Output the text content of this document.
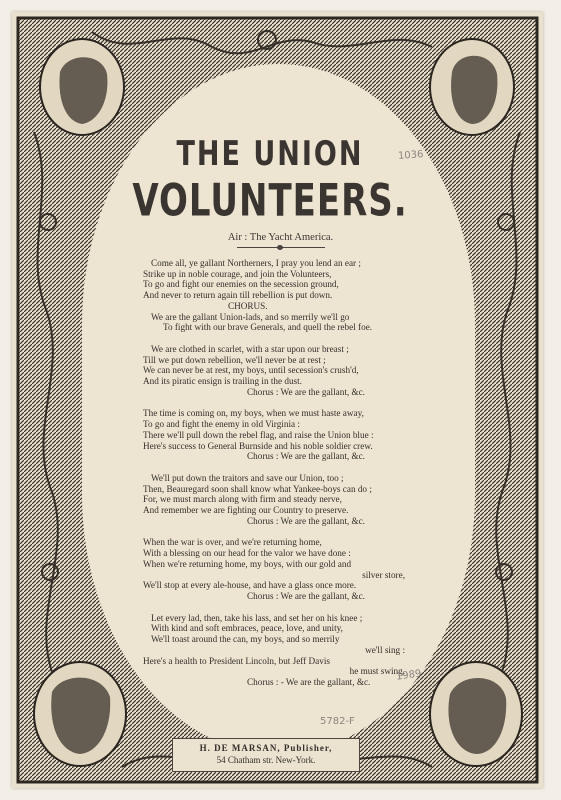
THE UNION
VOLUNTEERS.
Air : The Yacht America.
Come all, ye gallant Northerners, I pray you lend an ear ;
Strike up in noble courage, and join the Volunteers,
To go and fight our enemies on the secession ground,
And never to return again till rebellion is put down.
CHORUS.
We are the gallant Union-lads, and so merrily we'll go
To fight with our brave Generals, and quell the rebel foe.
We are clothed in scarlet, with a star upon our breast ;
Till we put down rebellion, we'll never be at rest ;
We can never be at rest, my boys, until secession's crush'd,
And its piratic ensign is trailing in the dust.
Chorus : We are the gallant, &c.
The time is coming on, my boys, when we must haste away,
To go and fight the enemy in old Virginia :
There we'll pull down the rebel flag, and raise the Union blue :
Here's success to General Burnside and his noble soldier crew.
Chorus : We are the gallant, &c.
We'll put down the traitors and save our Union, too ;
Then, Beauregard soon shall know what Yankee-boys can do ;
For, we must march along with firm and steady nerve,
And remember we are fighting our Country to preserve.
Chorus : We are the gallant, &c.
When the war is over, and we're returning home,
With a blessing on our head for the valor we have done :
When we're returning home, my boys, with our gold and
silver store,
We'll stop at every ale-house, and have a glass once more.
Chorus : We are the gallant, &c.
Let every lad, then, take his lass, and set her on his knee ;
With kind and soft embraces, peace, love, and unity,
We'll toast around the can, my boys, and so merrily
we'll sing :
Here's a health to President Lincoln, but Jeff Davis
he must swing.
Chorus : - We are the gallant, &c.
H. DE MARSAN, Publisher,
54 Chatham str. New-York.
1036
1989
5782-F
